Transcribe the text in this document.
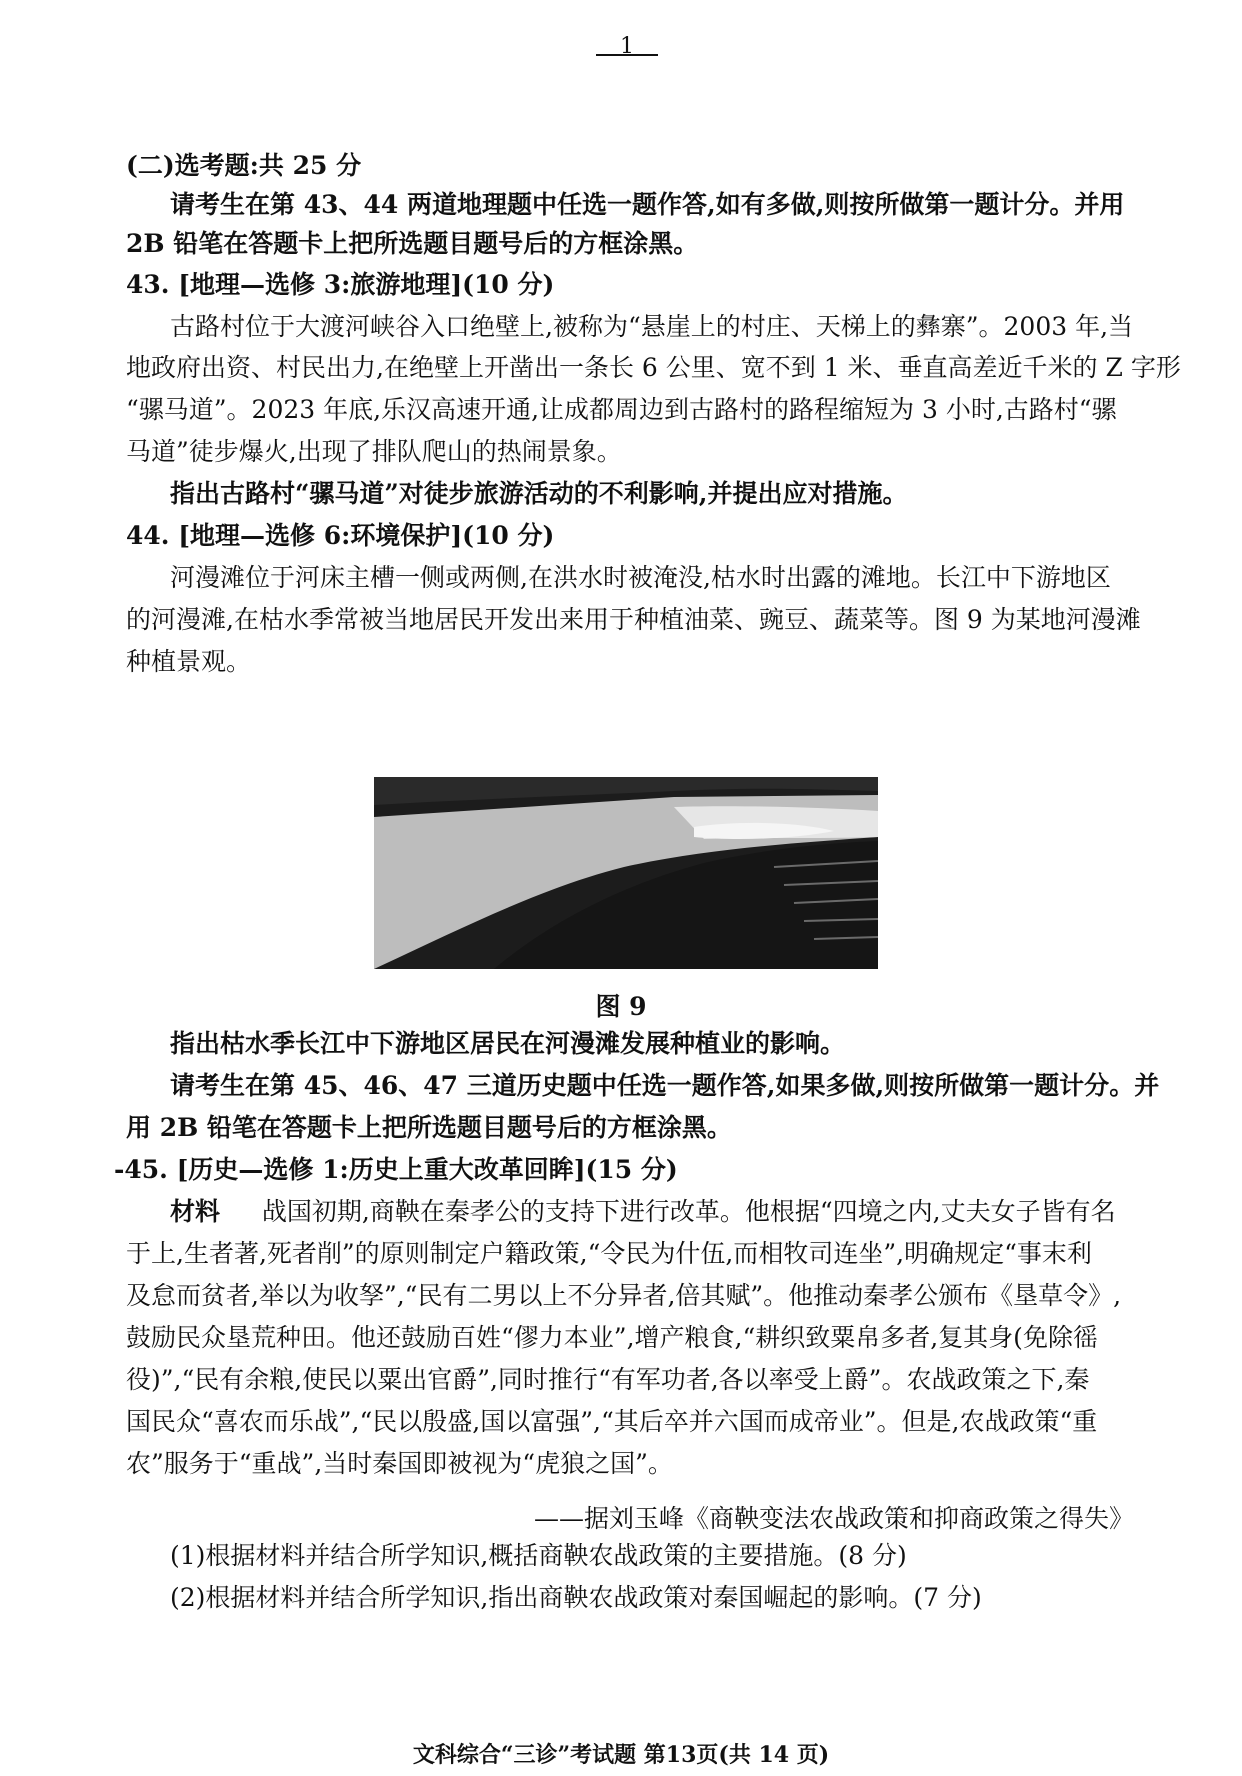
1
(二)选考题:共 25 分
请考生在第 43、44 两道地理题中任选一题作答,如有多做,则按所做第一题计分。并用
2B 铅笔在答题卡上把所选题目题号后的方框涂黑。
43. [地理—选修 3:旅游地理](10 分)
古路村位于大渡河峡谷入口绝壁上,被称为“悬崖上的村庄、天梯上的彝寨”。2003 年,当
地政府出资、村民出力,在绝壁上开凿出一条长 6 公里、宽不到 1 米、垂直高差近千米的 Z 字形
“骡马道”。2023 年底,乐汉高速开通,让成都周边到古路村的路程缩短为 3 小时,古路村“骡
马道”徒步爆火,出现了排队爬山的热闹景象。
指出古路村“骡马道”对徒步旅游活动的不利影响,并提出应对措施。
44. [地理—选修 6:环境保护](10 分)
河漫滩位于河床主槽一侧或两侧,在洪水时被淹没,枯水时出露的滩地。长江中下游地区
的河漫滩,在枯水季常被当地居民开发出来用于种植油菜、豌豆、蔬菜等。图 9 为某地河漫滩
种植景观。
图 9
指出枯水季长江中下游地区居民在河漫滩发展种植业的影响。
请考生在第 45、46、47 三道历史题中任选一题作答,如果多做,则按所做第一题计分。并
用 2B 铅笔在答题卡上把所选题目题号后的方框涂黑。
-45. [历史—选修 1:历史上重大改革回眸](15 分)
材料 战国初期,商鞅在秦孝公的支持下进行改革。他根据“四境之内,丈夫女子皆有名
于上,生者著,死者削”的原则制定户籍政策,“令民为什伍,而相牧司连坐”,明确规定“事末利
及怠而贫者,举以为收孥”,“民有二男以上不分异者,倍其赋”。他推动秦孝公颁布《垦草令》,
鼓励民众垦荒种田。他还鼓励百姓“僇力本业”,增产粮食,“耕织致粟帛多者,复其身(免除徭
役)”,“民有余粮,使民以粟出官爵”,同时推行“有军功者,各以率受上爵”。农战政策之下,秦
国民众“喜农而乐战”,“民以殷盛,国以富强”,“其后卒并六国而成帝业”。但是,农战政策“重
农”服务于“重战”,当时秦国即被视为“虎狼之国”。
——据刘玉峰《商鞅变法农战政策和抑商政策之得失》
(1)根据材料并结合所学知识,概括商鞅农战政策的主要措施。(8 分)
(2)根据材料并结合所学知识,指出商鞅农战政策对秦国崛起的影响。(7 分)
文科综合“三诊”考试题 第13页(共 14 页)
